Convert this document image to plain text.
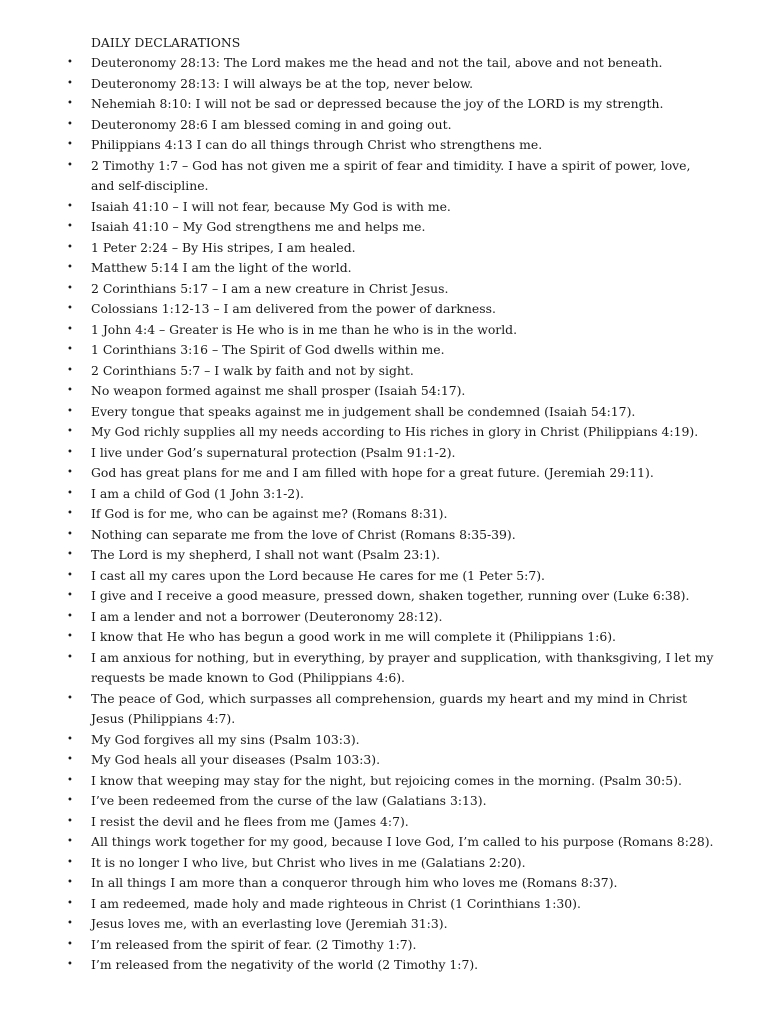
DAILY DECLARATIONS
•	Deuteronomy 28:13: The Lord makes me the head and not the tail, above and not beneath.
•	Deuteronomy 28:13: I will always be at the top, never below.
•	Nehemiah 8:10: I will not be sad or depressed because the joy of the LORD is my strength.
•	Deuteronomy 28:6 I am blessed coming in and going out.
•	Philippians 4:13 I can do all things through Christ who strengthens me.
•	2 Timothy 1:7 – God has not given me a spirit of fear and timidity. I have a spirit of power, love, and self-discipline.
•	Isaiah 41:10 – I will not fear, because My God is with me.
•	Isaiah 41:10 – My God strengthens me and helps me.
•	1 Peter 2:24 – By His stripes, I am healed.
•	Matthew 5:14 I am the light of the world.
•	2 Corinthians 5:17 – I am a new creature in Christ Jesus.
•	Colossians 1:12-13 – I am delivered from the power of darkness.
•	1 John 4:4 – Greater is He who is in me than he who is in the world.
•	1 Corinthians 3:16 – The Spirit of God dwells within me.
•	2 Corinthians 5:7 – I walk by faith and not by sight.
•	No weapon formed against me shall prosper (Isaiah 54:17).
•	Every tongue that speaks against me in judgement shall be condemned (Isaiah 54:17).
•	My God richly supplies all my needs according to His riches in glory in Christ (Philippians 4:19).
•	I live under God’s supernatural protection (Psalm 91:1-2).
•	God has great plans for me and I am filled with hope for a great future. (Jeremiah 29:11).
•	I am a child of God (1 John 3:1-2).
•	If God is for me, who can be against me? (Romans 8:31).
•	Nothing can separate me from the love of Christ (Romans 8:35-39).
•	The Lord is my shepherd, I shall not want (Psalm 23:1).
•	I cast all my cares upon the Lord because He cares for me (1 Peter 5:7).
•	I give and I receive a good measure, pressed down, shaken together, running over (Luke 6:38).
•	I am a lender and not a borrower (Deuteronomy 28:12).
•	I know that He who has begun a good work in me will complete it (Philippians 1:6).
•	I am anxious for nothing, but in everything, by prayer and supplication, with thanksgiving, I let my requests be made known to God (Philippians 4:6).
•	The peace of God, which surpasses all comprehension, guards my heart and my mind in Christ Jesus (Philippians 4:7).
•	My God forgives all my sins (Psalm 103:3).
•	My God heals all your diseases (Psalm 103:3).
•	I know that weeping may stay for the night, but rejoicing comes in the morning. (Psalm 30:5).
•	I’ve been redeemed from the curse of the law (Galatians 3:13).
•	I resist the devil and he flees from me (James 4:7).
•	All things work together for my good, because I love God, I’m called to his purpose (Romans 8:28).
•	It is no longer I who live, but Christ who lives in me (Galatians 2:20).
•	In all things I am more than a conqueror through him who loves me (Romans 8:37).
•	I am redeemed, made holy and made righteous in Christ (1 Corinthians 1:30).
•	Jesus loves me, with an everlasting love (Jeremiah 31:3).
•	I’m released from the spirit of fear. (2 Timothy 1:7).
•	I’m released from the negativity of the world (2 Timothy 1:7).
